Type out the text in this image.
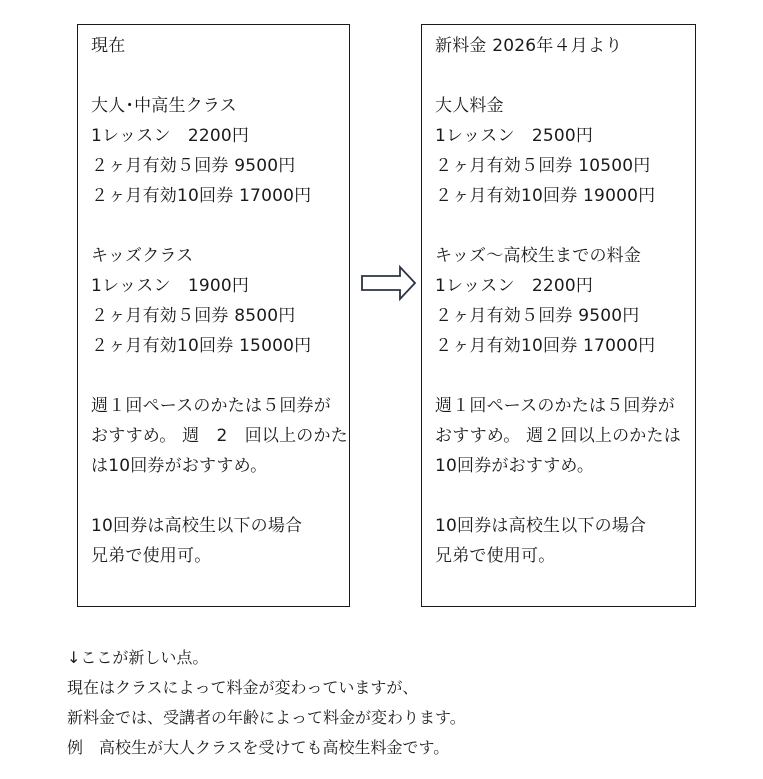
現在
大人･中高生クラス
1レッスン　2200円
２ヶ月有効５回券 9500円
２ヶ月有効10回券 17000円
キッズクラス
1レッスン　1900円
２ヶ月有効５回券 8500円
２ヶ月有効10回券 15000円
週１回ペースのかたは５回券が
おすすめ。 週　2　回以上のかた
は10回券がおすすめ。
10回券は高校生以下の場合
兄弟で使用可。
新料金 2026年４月より
大人料金
1レッスン　2500円
２ヶ月有効５回券 10500円
２ヶ月有効10回券 19000円
キッズ～高校生までの料金
1レッスン　2200円
２ヶ月有効５回券 9500円
２ヶ月有効10回券 17000円
週１回ペースのかたは５回券が
おすすめ。 週２回以上のかたは
10回券がおすすめ。
10回券は高校生以下の場合
兄弟で使用可。
↓ここが新しい点。
現在はクラスによって料金が変わっていますが、
新料金では、受講者の年齢によって料金が変わります。
例　高校生が大人クラスを受けても高校生料金です。
